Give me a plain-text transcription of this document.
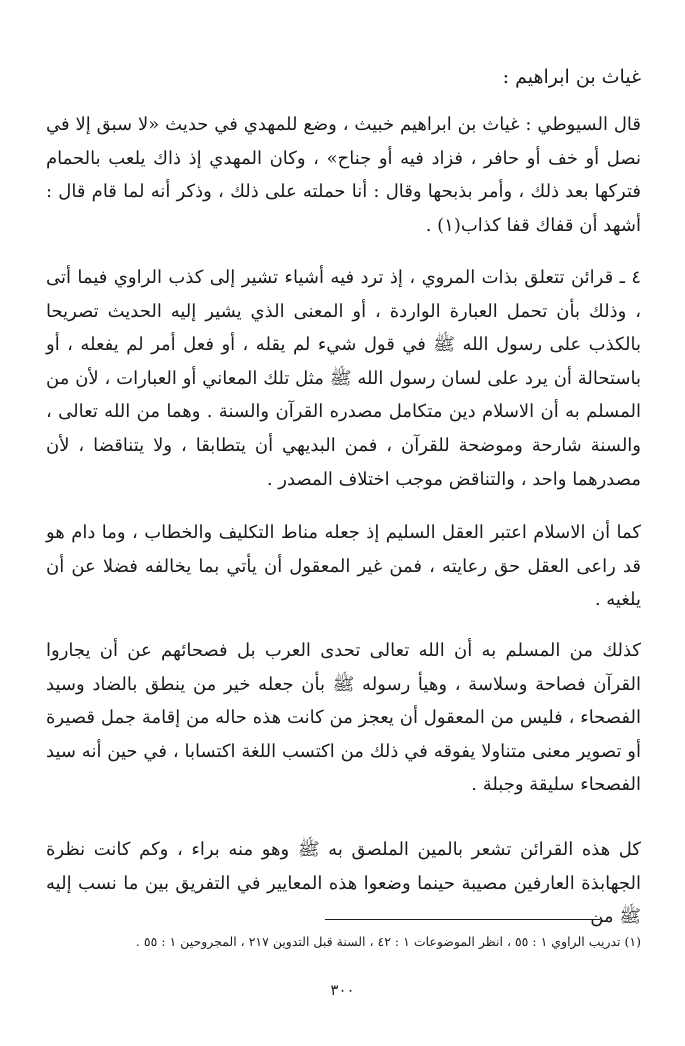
غياث بن ابراهيم :

قال السيوطي : غياث بن ابراهيم خبيث ، وضع للمهدي في حديث «لا سبق إلا في نصل أو خف أو حافر ، فزاد فيه أو جناح» ، وكان المهدي إذ ذاك يلعب بالحمام فتركها بعد ذلك ، وأمر بذبحها وقال : أنا حملته على ذلك ، وذكر أنه لما قام قال : أشهد أن قفاك قفا كذاب(١) .

٤ ـ قرائن تتعلق بذات المروي ، إذ ترد فيه أشياء تشير إلى كذب الراوي فيما أتى ، وذلك بأن تحمل العبارة الواردة ، أو المعنى الذي يشير إليه الحديث تصريحا بالكذب على رسول الله ﷺ في قول شيء لم يقله ، أو فعل أمر لم يفعله ، أو باستحالة أن يرد على لسان رسول الله ﷺ مثل تلك المعاني أو العبارات ، لأن من المسلم به أن الاسلام دين متكامل مصدره القرآن والسنة . وهما من الله تعالى ، والسنة شارحة وموضحة للقرآن ، فمن البديهي أن يتطابقا ، ولا يتناقضا ، لأن مصدرهما واحد ، والتناقض موجب اختلاف المصدر .

كما أن الاسلام اعتبر العقل السليم إذ جعله مناط التكليف والخطاب ، وما دام هو قد راعى العقل حق رعايته ، فمن غير المعقول أن يأتي بما يخالفه فضلا عن أن يلغيه .

كذلك من المسلم به أن الله تعالى تحدى العرب بل فصحائهم عن أن يجاروا القرآن فصاحة وسلاسة ، وهيأ رسوله ﷺ بأن جعله خير من ينطق بالضاد وسيد الفصحاء ، فليس من المعقول أن يعجز من كانت هذه حاله من إقامة جمل قصيرة أو تصوير معنى متناولا يفوقه في ذلك من اكتسب اللغة اكتسابا ، في حين أنه سيد الفصحاء سليقة وجبلة .

كل هذه القرائن تشعر بالمين الملصق به ﷺ وهو منه براء ، وكم كانت نظرة الجهابذة العارفين مصيبة حينما وضعوا هذه المعايير في التفريق بين ما نسب إليه ﷺ من

(١) تدريب الراوي ١ : ٥٥ ، انظر الموضوعات ١ : ٤٢ ، السنة قبل التدوين ٢١٧ ، المجروحين ١ : ٥٥ .

٣٠٠
